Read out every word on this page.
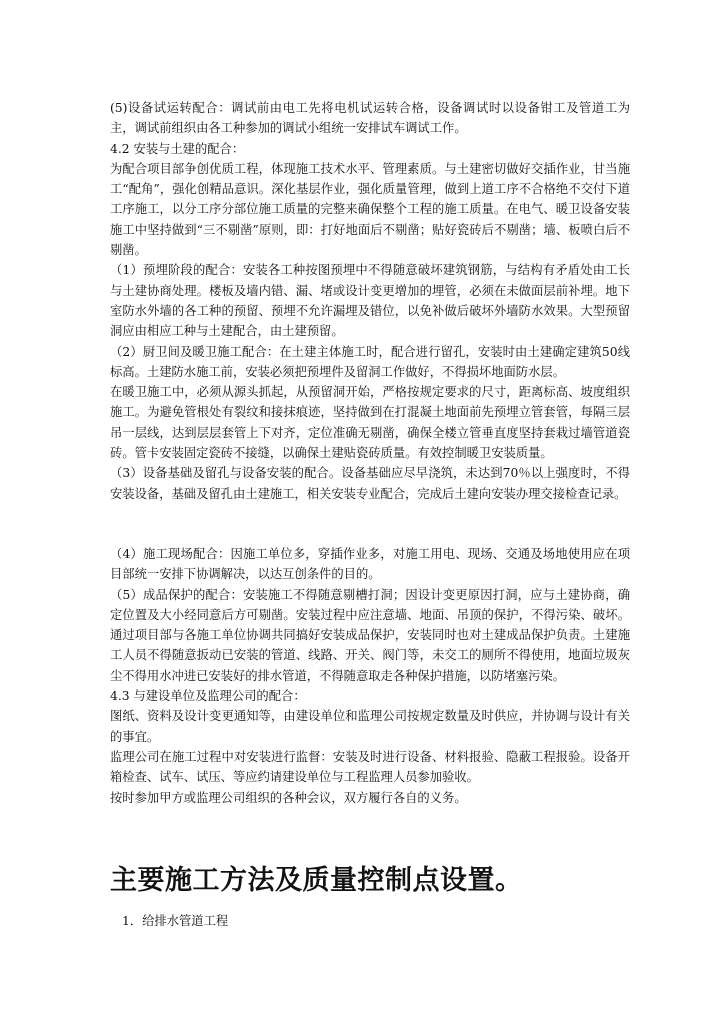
(5)设备试运转配合：调试前由电工先将电机试运转合格，设备调试时以设备钳工及管道工为主，调试前组织由各工种参加的调试小组统一安排试车调试工作。

4.2 安装与土建的配合：

为配合项目部争创优质工程，体现施工技术水平、管理素质。与土建密切做好交插作业，甘当施工“配角”，强化创精品意识。深化基层作业，强化质量管理，做到上道工序不合格绝不交付下道工序施工，以分工序分部位施工质量的完整来确保整个工程的施工质量。在电气、暖卫设备安装施工中坚持做到“三不剔凿”原则，即：打好地面后不剔凿；贴好瓷砖后不剔凿；墙、板喷白后不剔凿。

（1）预埋阶段的配合：安装各工种按图预埋中不得随意破坏建筑钢筋，与结构有矛盾处由工长与土建协商处理。楼板及墙内错、漏、堵或设计变更增加的埋管，必须在未做面层前补埋。地下室防水外墙的各工种的预留、预埋不允许漏埋及错位，以免补做后破坏外墙防水效果。大型预留洞应由相应工种与土建配合，由土建预留。

（2）厨卫间及暖卫施工配合：在土建主体施工时，配合进行留孔，安装时由土建确定建筑50线标高。土建防水施工前，安装必须把预埋件及留洞工作做好，不得损坏地面防水层。

在暖卫施工中，必须从源头抓起，从预留洞开始，严格按规定要求的尺寸，距离标高、坡度组织施工。为避免管根处有裂纹和接抹痕迹，坚持做到在打混凝土地面前先预埋立管套管，每隔三层吊一层线，达到层层套管上下对齐，定位准确无剔凿，确保全楼立管垂直度坚持套栽过墙管道瓷砖。管卡安装固定瓷砖不接缝，以确保土建贴瓷砖质量。有效控制暖卫安装质量。

（3）设备基础及留孔与设备安装的配合。设备基础应尽早浇筑，未达到70％以上强度时，不得安装设备，基础及留孔由土建施工，相关安装专业配合，完成后土建向安装办理交接检查记录。

（4）施工现场配合：因施工单位多，穿插作业多，对施工用电、现场、交通及场地使用应在项目部统一安排下协调解决，以达互创条件的目的。

（5）成品保护的配合：安装施工不得随意剔槽打洞；因设计变更原因打洞，应与土建协商，确定位置及大小经同意后方可剔凿。安装过程中应注意墙、地面、吊顶的保护，不得污染、破坏。通过项目部与各施工单位协调共同搞好安装成品保护，安装同时也对土建成品保护负责。土建施工人员不得随意扳动已安装的管道、线路、开关、阀门等，未交工的厕所不得使用，地面垃圾灰尘不得用水冲进已安装好的排水管道，不得随意取走各种保护措施，以防堵塞污染。

4.3 与建设单位及监理公司的配合：

图纸、资料及设计变更通知等，由建设单位和监理公司按规定数量及时供应，并协调与设计有关的事宜。

监理公司在施工过程中对安装进行监督：安装及时进行设备、材料报验、隐蔽工程报验。设备开箱检查、试车、试压、等应约请建设单位与工程监理人员参加验收。

按时参加甲方或监理公司组织的各种会议，双方履行各自的义务。

主要施工方法及质量控制点设置。

1．给排水管道工程
